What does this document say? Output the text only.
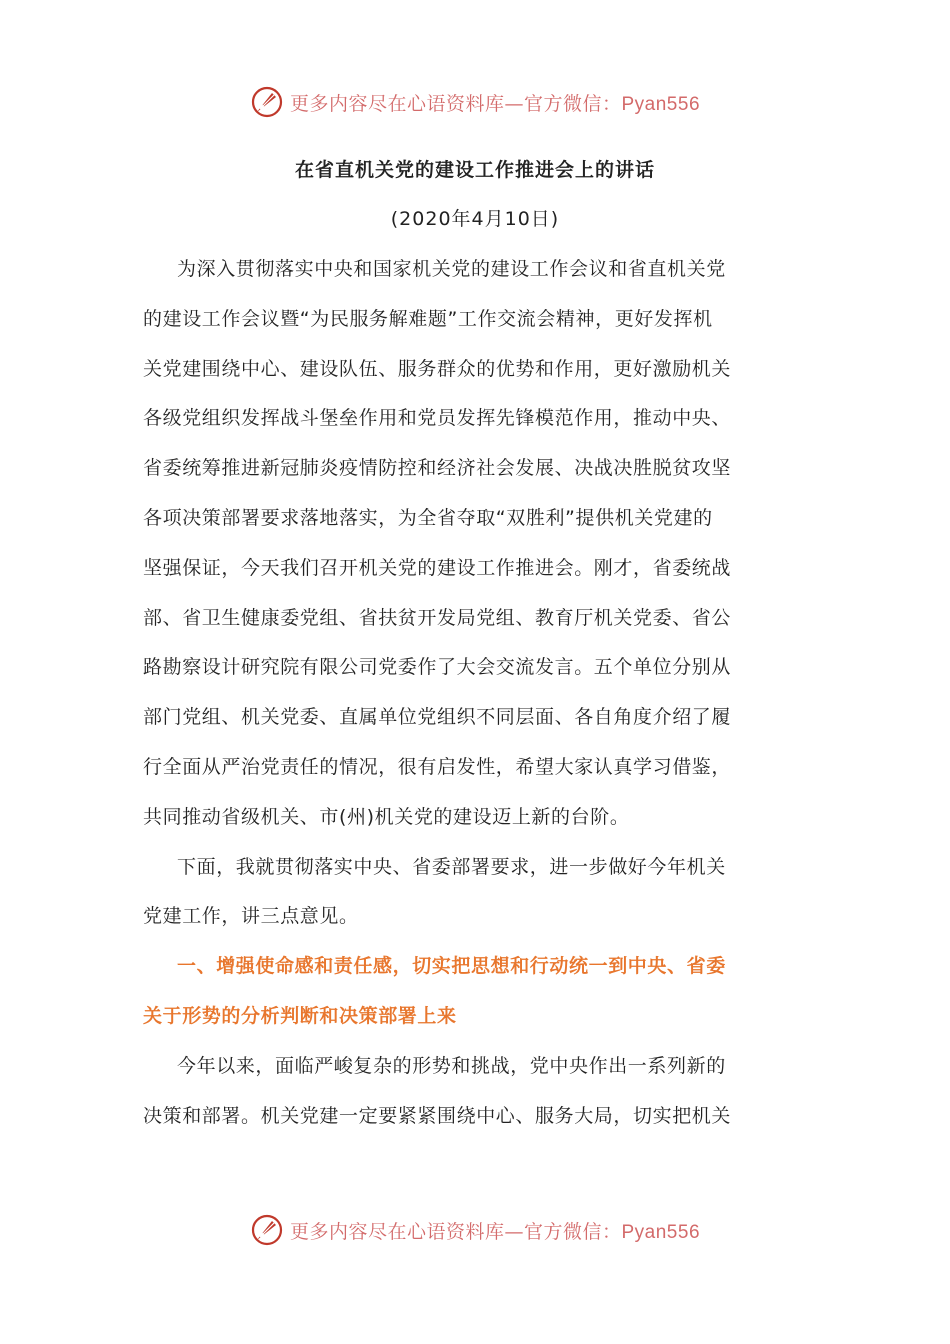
更多内容尽在心语资料库—官方微信：Pyan556
在省直机关党的建设工作推进会上的讲话
(2020年4月10日)
为深入贯彻落实中央和国家机关党的建设工作会议和省直机关党
的建设工作会议暨“为民服务解难题”工作交流会精神，更好发挥机
关党建围绕中心、建设队伍、服务群众的优势和作用，更好激励机关
各级党组织发挥战斗堡垒作用和党员发挥先锋模范作用，推动中央、
省委统筹推进新冠肺炎疫情防控和经济社会发展、决战决胜脱贫攻坚
各项决策部署要求落地落实，为全省夺取“双胜利”提供机关党建的
坚强保证，今天我们召开机关党的建设工作推进会。刚才，省委统战
部、省卫生健康委党组、省扶贫开发局党组、教育厅机关党委、省公
路勘察设计研究院有限公司党委作了大会交流发言。五个单位分别从
部门党组、机关党委、直属单位党组织不同层面、各自角度介绍了履
行全面从严治党责任的情况，很有启发性，希望大家认真学习借鉴，
共同推动省级机关、市(州)机关党的建设迈上新的台阶。
下面，我就贯彻落实中央、省委部署要求，进一步做好今年机关
党建工作，讲三点意见。
一、增强使命感和责任感，切实把思想和行动统一到中央、省委
关于形势的分析判断和决策部署上来
今年以来，面临严峻复杂的形势和挑战，党中央作出一系列新的
决策和部署。机关党建一定要紧紧围绕中心、服务大局，切实把机关
更多内容尽在心语资料库—官方微信：Pyan556
